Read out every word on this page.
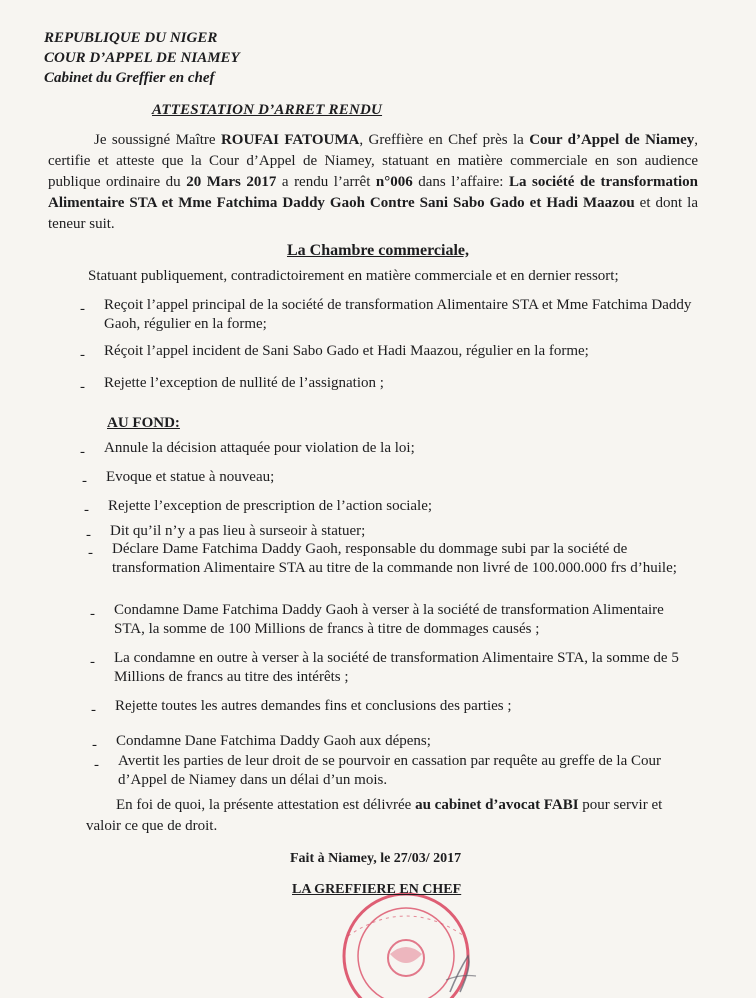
REPUBLIQUE DU NIGER
COUR D’APPEL DE NIAMEY
Cabinet du Greffier en chef
ATTESTATION D’ARRET RENDU

Je soussigné Maître ROUFAI FATOUMA, Greffière en Chef près la Cour d’Appel de Niamey, certifie et atteste que la Cour d’Appel de Niamey, statuant en matière commerciale en son audience publique ordinaire du 20 Mars 2017 a rendu l’arrêt n°006 dans l’affaire: La société de transformation Alimentaire STA et Mme Fatchima Daddy Gaoh Contre Sani Sabo Gado et Hadi Maazou et dont la teneur suit.

La Chambre commerciale,
Statuant publiquement, contradictoirement en matière commerciale et en dernier ressort;
- Reçoit l’appel principal de la société de transformation Alimentaire STA et Mme Fatchima Daddy Gaoh, régulier en la forme;
- Réçoit l’appel incident de Sani Sabo Gado et Hadi Maazou, régulier en la forme;
- Rejette l’exception de nullité de l’assignation ;
AU FOND:
- Annule la décision attaquée pour violation de la loi;
- Evoque et statue à nouveau;
- Rejette l’exception de prescription de l’action sociale;
- Dit qu’il n’y a pas lieu à surseoir à statuer;
- Déclare Dame Fatchima Daddy Gaoh, responsable du dommage subi par la société de transformation Alimentaire STA au titre de la commande non livré de 100.000.000 frs d’huile;
- Condamne Dame Fatchima Daddy Gaoh à verser à la société de transformation Alimentaire STA, la somme de 100 Millions de francs à titre de dommages causés ;
- La condamne en outre à verser à la société de transformation Alimentaire STA, la somme de 5 Millions de francs au titre des intérêts ;
- Rejette toutes les autres demandes fins et conclusions des parties ;
- Condamne Dane Fatchima Daddy Gaoh aux dépens;
- Avertit les parties de leur droit de se pourvoir en cassation par requête au greffe de la Cour d’Appel de Niamey dans un délai d’un mois.

En foi de quoi, la présente attestation est délivrée au cabinet d’avocat FABI pour servir et valoir ce que de droit.

Fait à Niamey, le 27/03/ 2017
LA GREFFIERE EN CHEF
